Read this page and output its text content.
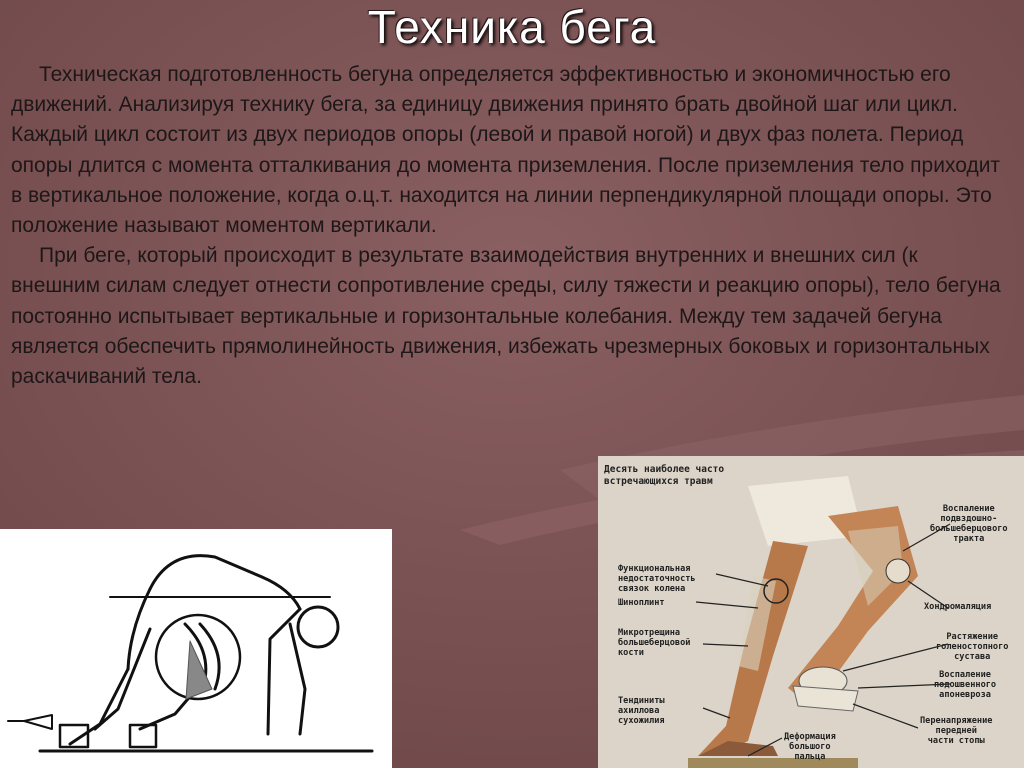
Техника бега

Техническая подготовленность бегуна определяется эффективностью и экономичностью его движений. Анализируя технику бега, за единицу движения принято брать двойной шаг или цикл. Каждый цикл состоит из двух периодов опоры (левой и правой ногой) и двух фаз полета. Период опоры длится с момента отталкивания до момента приземления. После приземления тело приходит в вертикальное положение, когда о.ц.т. находится на линии перпендикулярной площади опоры. Это положение называют моментом вертикали.

При беге, который происходит в результате взаимодействия внутренних и внешних сил (к внешним силам следует отнести сопротивление среды, силу тяжести и реакцию опоры), тело бегуна постоянно испытывает вертикальные и горизонтальные колебания. Между тем задачей бегуна является обеспечить прямолинейность движения, избежать чрезмерных боковых и горизонтальных раскачиваний тела.

Десять наиболее часто
встречающихся травм
Функциональная
недостаточность
связок колена
Шиноплинт
Микротрещина
большеберцовой
кости
Тендиниты
ахиллова
сухожилия
Деформация
большого
пальца
Воспаление
подвздошно-
большеберцового
тракта
Хондромаляция
Растяжение
голеностопного
сустава
Воспаление
подошвенного
апоневроза
Перенапряжение
передней
части стопы
